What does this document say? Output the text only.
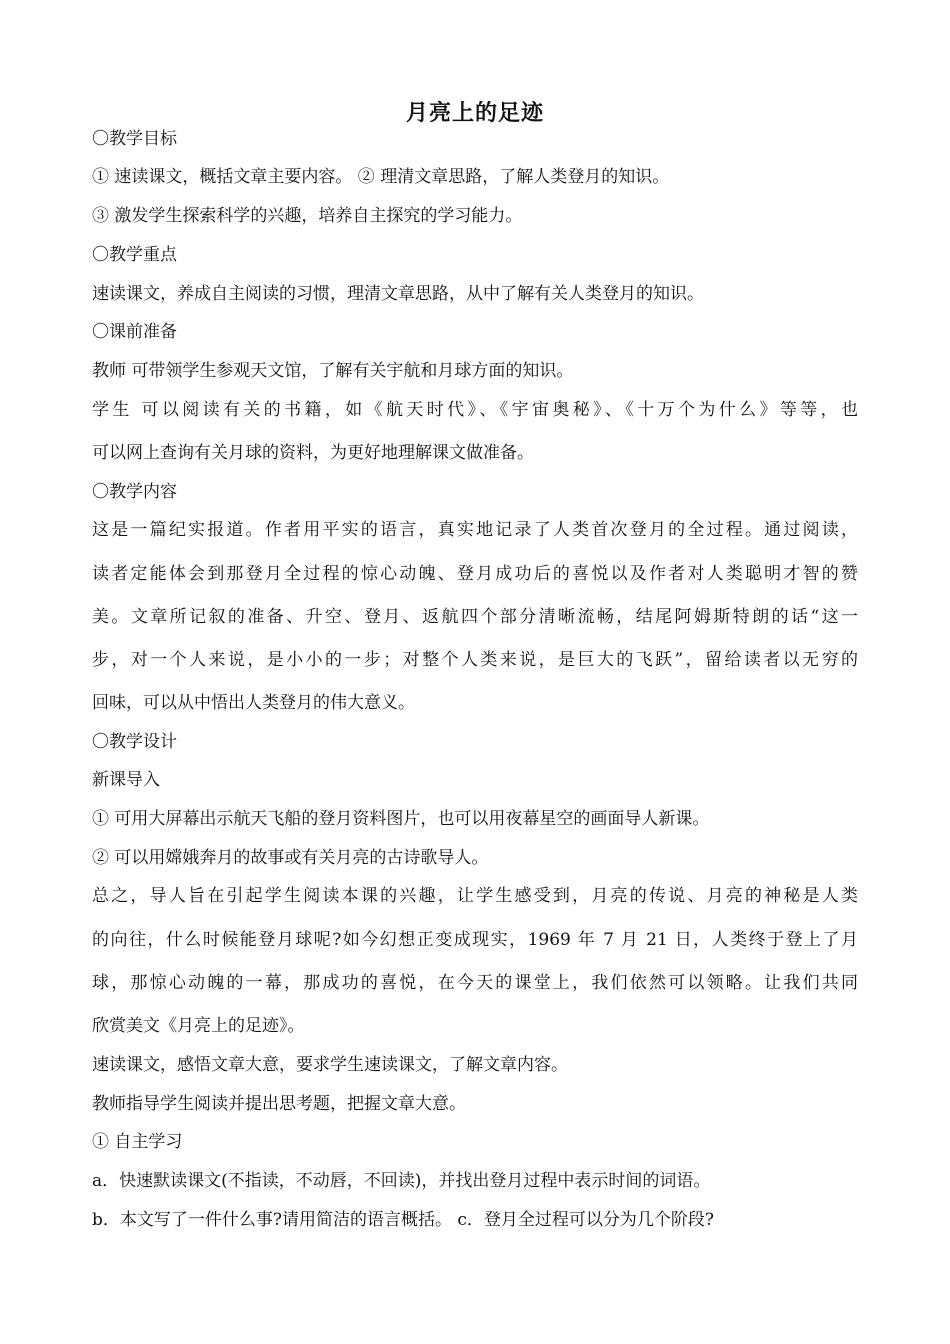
月亮上的足迹
〇教学目标
① 速读课文，概括文章主要内容。 ② 理清文章思路，了解人类登月的知识。
③ 激发学生探索科学的兴趣，培养自主探究的学习能力。
〇教学重点
速读课文，养成自主阅读的习惯，理清文章思路，从中了解有关人类登月的知识。
〇课前准备
教师 可带领学生参观天文馆，了解有关宇航和月球方面的知识。
学生 可以阅读有关的书籍，如《航天时代》、《宇宙奥秘》、《十万个为什么》等等，也
可以网上查询有关月球的资料，为更好地理解课文做准备。
〇教学内容
这是一篇纪实报道。作者用平实的语言，真实地记录了人类首次登月的全过程。通过阅读，
读者定能体会到那登月全过程的惊心动魄、登月成功后的喜悦以及作者对人类聪明才智的赞
美。文章所记叙的准备、升空、登月、返航四个部分清晰流畅，结尾阿姆斯特朗的话“这一
步，对一个人来说，是小小的一步；对整个人类来说，是巨大的飞跃”，留给读者以无穷的
回味，可以从中悟出人类登月的伟大意义。
〇教学设计
新课导入
① 可用大屏幕出示航天飞船的登月资料图片，也可以用夜幕星空的画面导人新课。
② 可以用嫦娥奔月的故事或有关月亮的古诗歌导人。
总之，导人旨在引起学生阅读本课的兴趣，让学生感受到，月亮的传说、月亮的神秘是人类
的向往，什么时候能登月球呢?如今幻想正变成现实，1969 年 7 月 21 日，人类终于登上了月
球，那惊心动魄的一幕，那成功的喜悦，在今天的课堂上，我们依然可以领略。让我们共同
欣赏美文《月亮上的足迹》。
速读课文，感悟文章大意，要求学生速读课文，了解文章内容。
教师指导学生阅读并提出思考题，把握文章大意。
① 自主学习
a．快速默读课文(不指读，不动唇，不回读)，并找出登月过程中表示时间的词语。
b．本文写了一件什么事?请用简洁的语言概括。 c．登月全过程可以分为几个阶段?
